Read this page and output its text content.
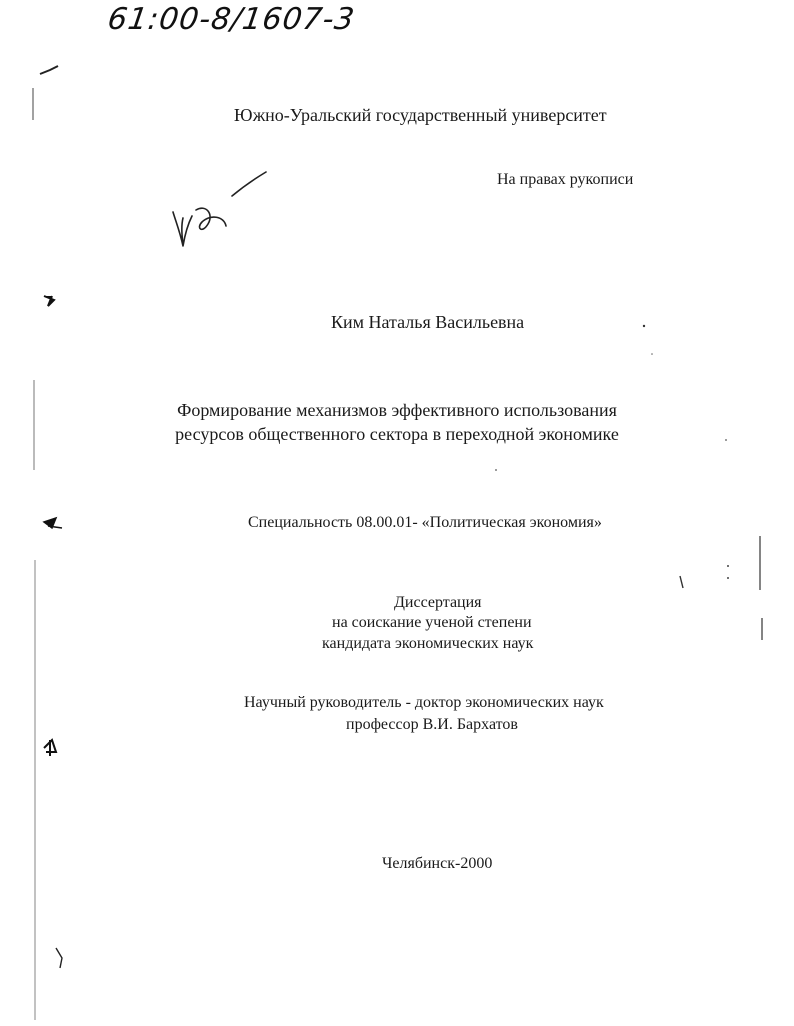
61:00-8/1607-3
Южно-Уральский государственный университет
На правах рукописи
Ким Наталья Васильевна
Формирование механизмов эффективного использования
ресурсов общественного сектора в переходной экономике
Специальность 08.00.01- «Политическая экономия»
Диссертация
на соискание ученой степени
кандидата экономических наук
Научный руководитель - доктор экономических наук
профессор В.И. Бархатов
Челябинск-2000
